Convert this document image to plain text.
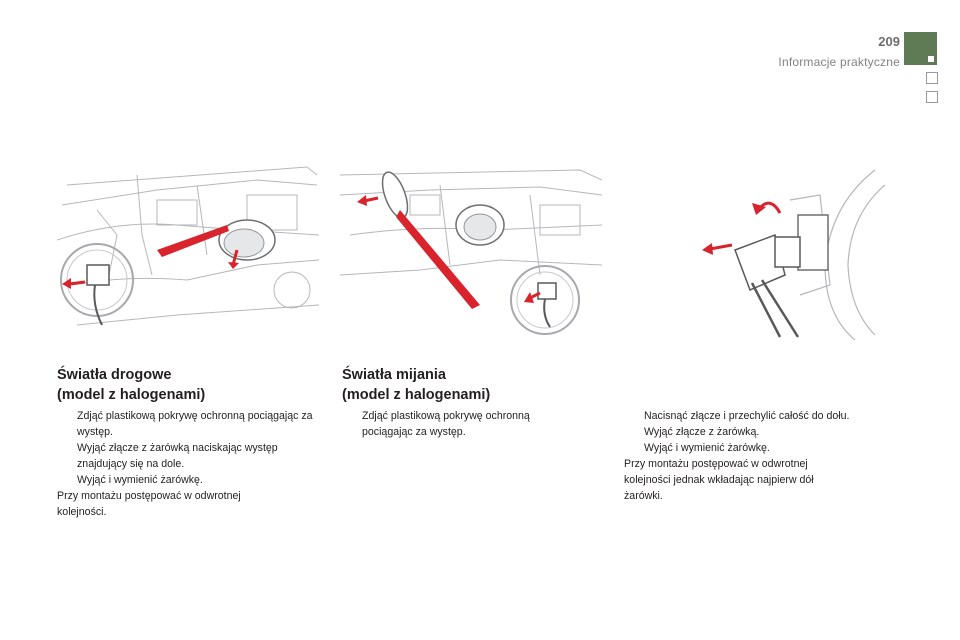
209
Informacje praktyczne
Światła drogowe
(model z halogenami)

Zdjąć plastikową pokrywę ochronną pociągając za występ.

Wyjąć złącze z żarówką naciskając występ znajdujący się na dole.

Wyjąć i wymienić żarówkę.

Przy montażu postępować w odwrotnej kolejności.

Światła mijania
(model z halogenami)

Zdjąć plastikową pokrywę ochronną pociągając za występ.

Nacisnąć złącze i przechylić całość do dołu.

Wyjąć złącze z żarówką.

Wyjąć i wymienić żarówkę.

Przy montażu postępować w odwrotnej kolejności jednak wkładając najpierw dół żarówki.
